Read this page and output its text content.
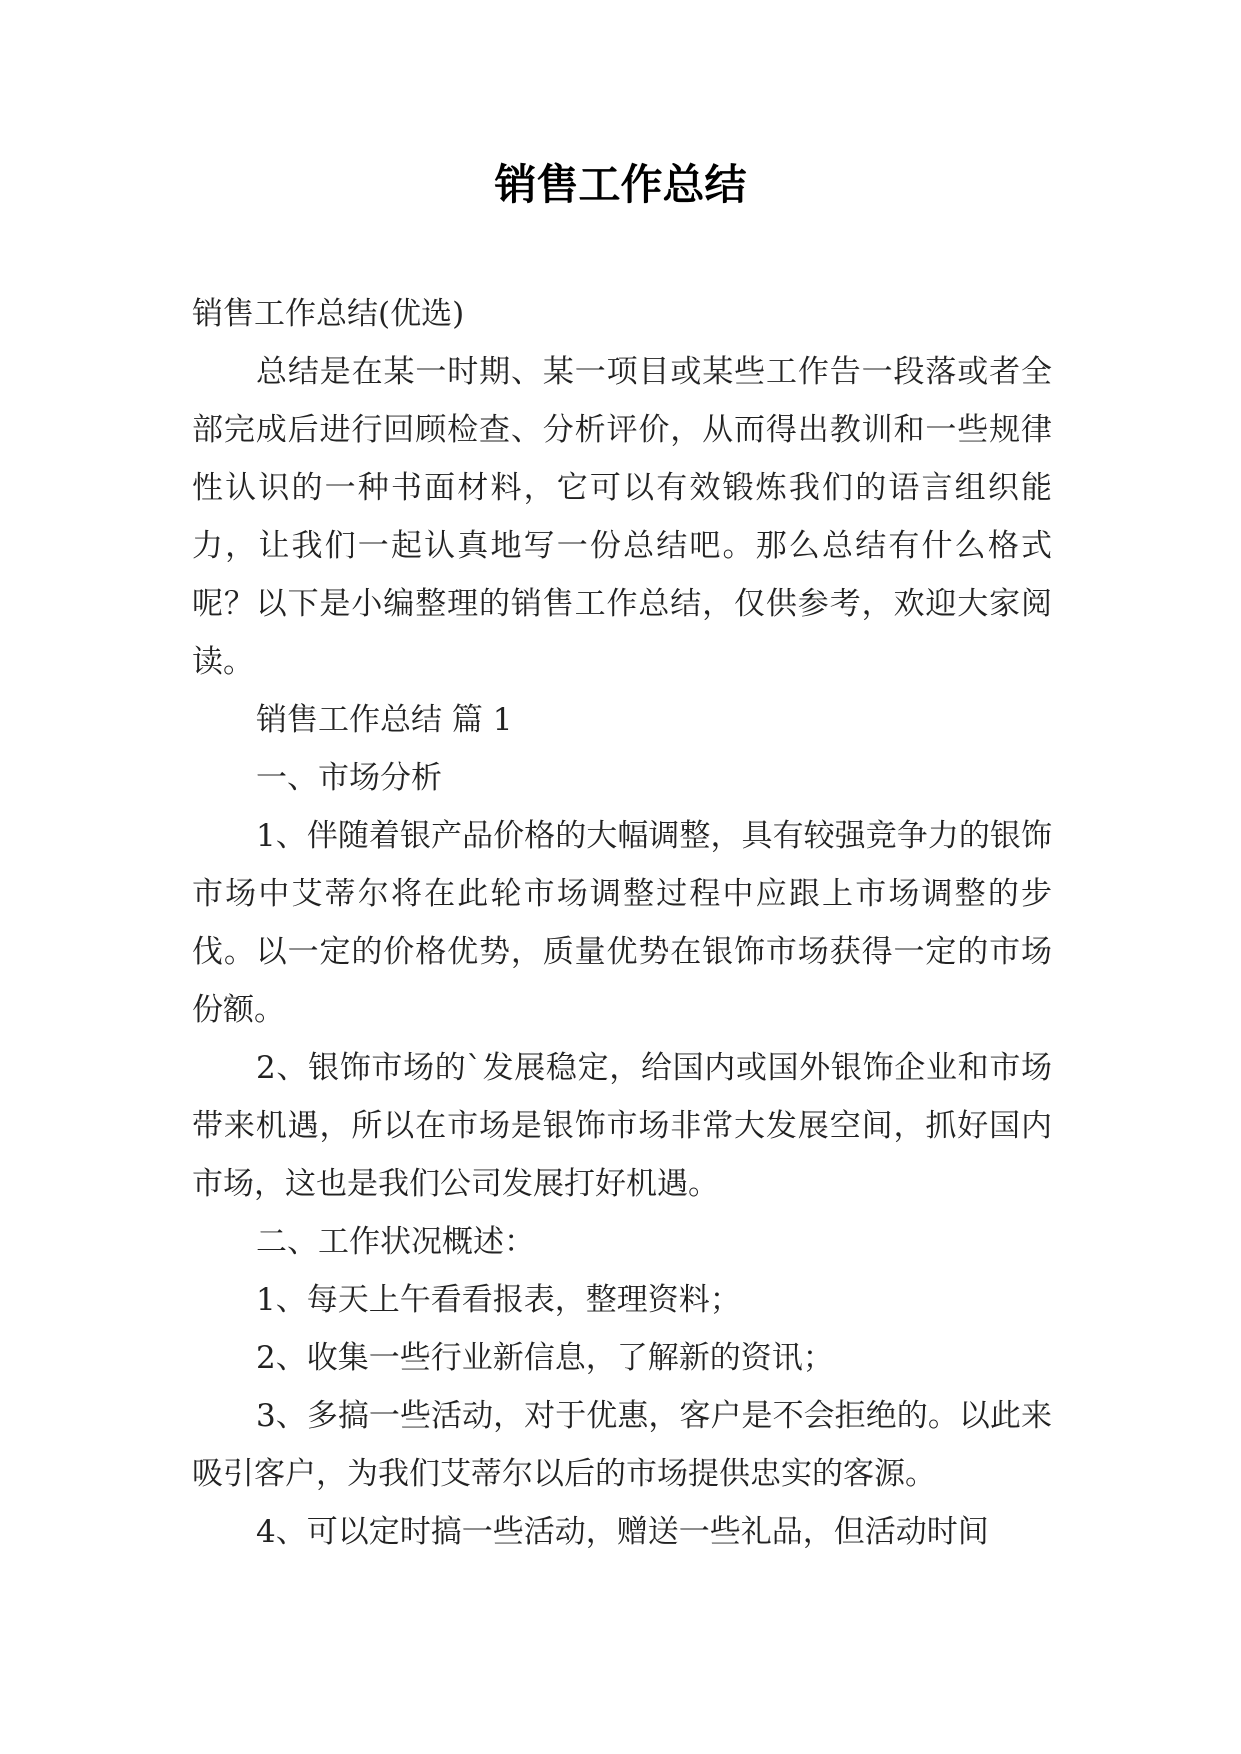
销售工作总结

销售工作总结(优选)

总结是在某一时期、某一项目或某些工作告一段落或者全部完成后进行回顾检查、分析评价，从而得出教训和一些规律性认识的一种书面材料，它可以有效锻炼我们的语言组织能力，让我们一起认真地写一份总结吧。那么总结有什么格式呢？以下是小编整理的销售工作总结，仅供参考，欢迎大家阅读。

销售工作总结 篇 1

一、市场分析

1、伴随着银产品价格的大幅调整，具有较强竞争力的银饰市场中艾蒂尔将在此轮市场调整过程中应跟上市场调整的步伐。以一定的价格优势，质量优势在银饰市场获得一定的市场份额。

2、银饰市场的`发展稳定，给国内或国外银饰企业和市场带来机遇，所以在市场是银饰市场非常大发展空间，抓好国内市场，这也是我们公司发展打好机遇。

二、工作状况概述：

1、每天上午看看报表，整理资料；

2、收集一些行业新信息，了解新的资讯；

3、多搞一些活动，对于优惠，客户是不会拒绝的。以此来吸引客户，为我们艾蒂尔以后的市场提供忠实的客源。

4、可以定时搞一些活动，赠送一些礼品，但活动时间
